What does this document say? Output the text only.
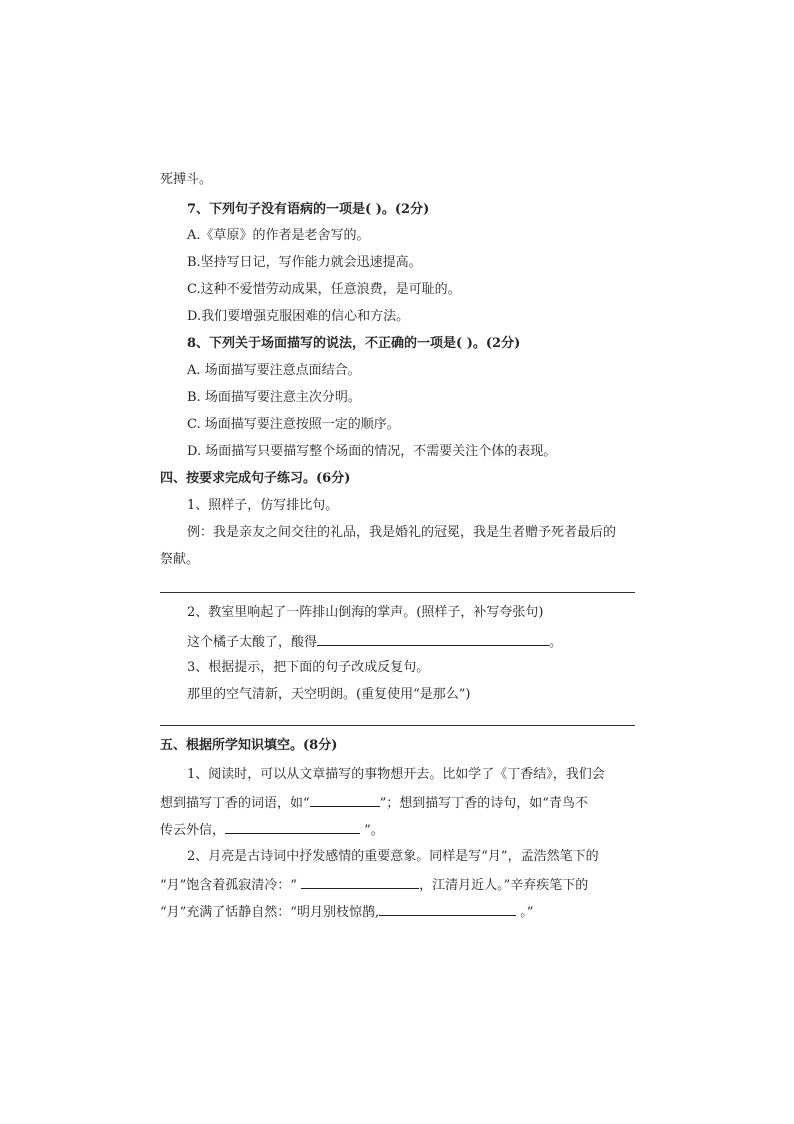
死搏斗。
7、下列句子没有语病的一项是( )。(2分)
A.《草原》的作者是老舍写的。
B.坚持写日记，写作能力就会迅速提高。
C.这种不爱惜劳动成果，任意浪费，是可耻的。
D.我们要增强克服困难的信心和方法。
8、下列关于场面描写的说法，不正确的一项是( )。(2分)
A. 场面描写要注意点面结合。
B. 场面描写要注意主次分明。
C. 场面描写要注意按照一定的顺序。
D. 场面描写只要描写整个场面的情况，不需要关注个体的表现。
四、按要求完成句子练习。(6分)
1、照样子，仿写排比句。
例：我是亲友之间交往的礼品，我是婚礼的冠冕，我是生者赠予死者最后的
祭献。
2、教室里响起了一阵排山倒海的掌声。(照样子，补写夸张句)
这个橘子太酸了，酸得	。
3、根据提示，把下面的句子改成反复句。
那里的空气清新，天空明朗。(重复使用“是那么”)
五、根据所学知识填空。(8分)
1、阅读时，可以从文章描写的事物想开去。比如学了《丁香结》，我们会
想到描写丁香的词语，如“	”；想到描写丁香的诗句，如“青鸟不
传云外信，	”。
2、月亮是古诗词中抒发感情的重要意象。同样是写“月”，孟浩然笔下的
“月”饱含着孤寂清冷：“	，江清月近人。”辛弃疾笔下的
“月”充满了恬静自然：“明月别枝惊鹊,	。”
